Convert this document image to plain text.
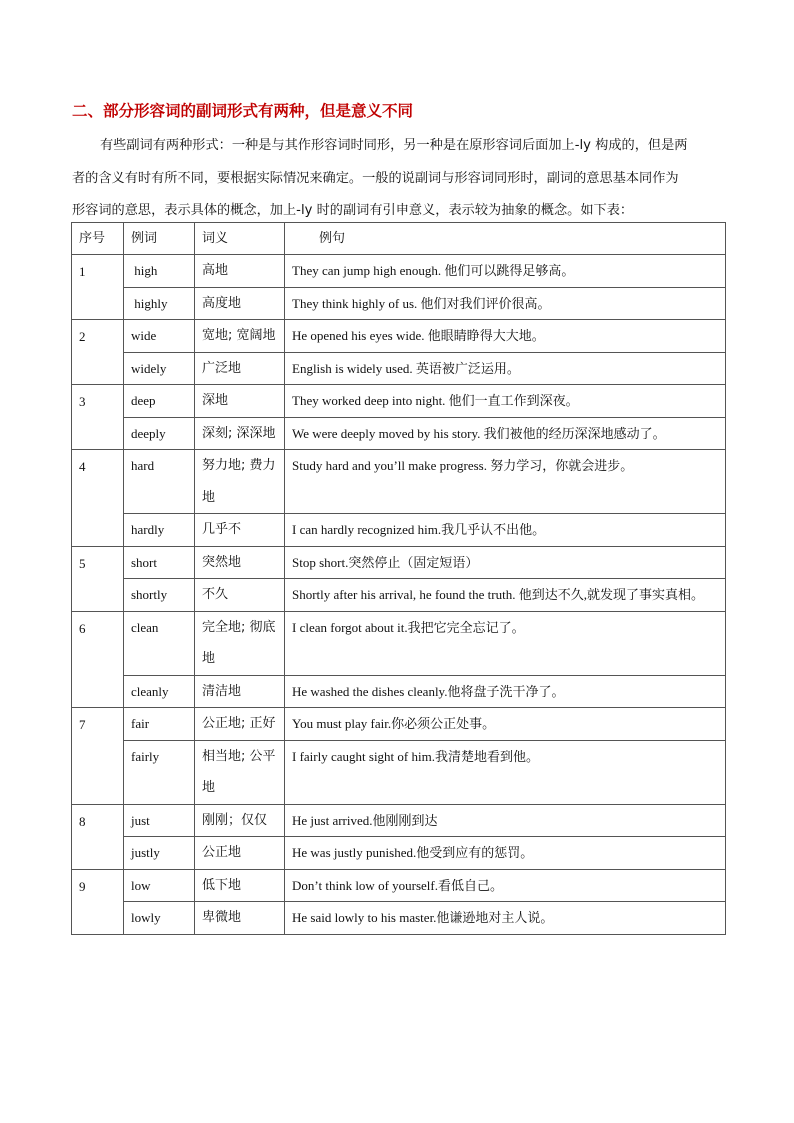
二、部分形容词的副词形式有两种，但是意义不同

有些副词有两种形式：一种是与其作形容词时同形，另一种是在原形容词后面加上-ly 构成的，但是两
者的含义有时有所不同，要根据实际情况来确定。一般的说副词与形容词同形时，副词的意思基本同作为
形容词的意思，表示具体的概念，加上-ly 时的副词有引申意义，表示较为抽象的概念。如下表：

序号	例词	词义	例句
1	high	高地	They can jump high enough. 他们可以跳得足够高。
	highly	高度地	They think highly of us. 他们对我们评价很高。
2	wide	宽地; 宽阔地	He opened his eyes wide. 他眼睛睁得大大地。
	widely	广泛地	English is widely used. 英语被广泛运用。
3	deep	深地	They worked deep into night. 他们一直工作到深夜。
	deeply	深刻; 深深地	We were deeply moved by his story. 我们被他的经历深深地感动了。
4	hard	努力地; 费力地	Study hard and you’ll make progress. 努力学习，你就会进步。
	hardly	几乎不	I can hardly recognized him.我几乎认不出他。
5	short	突然地	Stop short.突然停止（固定短语）
	shortly	不久	Shortly after his arrival, he found the truth. 他到达不久,就发现了事实真相。
6	clean	完全地; 彻底地	I clean forgot about it.我把它完全忘记了。
	cleanly	清洁地	He washed the dishes cleanly.他将盘子洗干净了。
7	fair	公正地; 正好	You must play fair.你必须公正处事。
	fairly	相当地; 公平地	I fairly caught sight of him.我清楚地看到他。
8	just	刚刚；仅仅	He just arrived.他刚刚到达
	justly	公正地	He was justly punished.他受到应有的惩罚。
9	low	低下地	Don’t think low of yourself.看低自己。
	lowly	卑微地	He said lowly to his master.他谦逊地对主人说。
